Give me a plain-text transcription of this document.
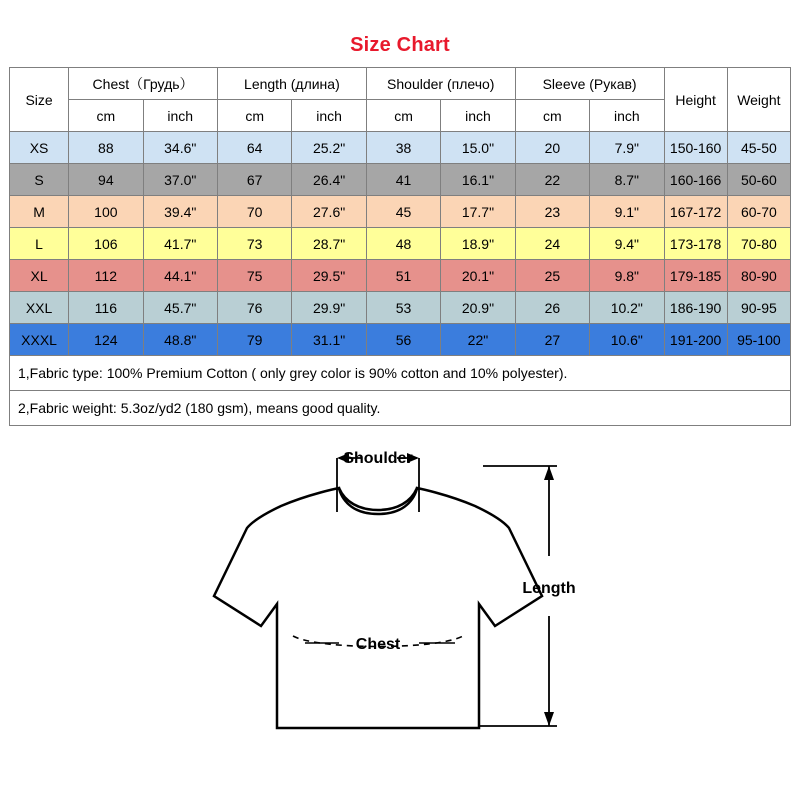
Size Chart
Size	Chest（Грудь）		Length (длина)		Shoulder (плечо)		Sleeve (Рукав)		Height	Weight
	cm	inch	cm	inch	cm	inch	cm	inch		
XS	88	34.6"	64	25.2"	38	15.0"	20	7.9"	150-160	45-50
S	94	37.0"	67	26.4"	41	16.1"	22	8.7"	160-166	50-60
M	100	39.4"	70	27.6"	45	17.7"	23	9.1"	167-172	60-70
L	106	41.7"	73	28.7"	48	18.9"	24	9.4"	173-178	70-80
XL	112	44.1"	75	29.5"	51	20.1"	25	9.8"	179-185	80-90
XXL	116	45.7"	76	29.9"	53	20.9"	26	10.2"	186-190	90-95
XXXL	124	48.8"	79	31.1"	56	22"	27	10.6"	191-200	95-100
1,Fabric type: 100% Premium Cotton ( only grey color is 90% cotton and 10% polyester).
2,Fabric weight: 5.3oz/yd2 (180 gsm), means good quality.
Shoulder
Length
Chest
